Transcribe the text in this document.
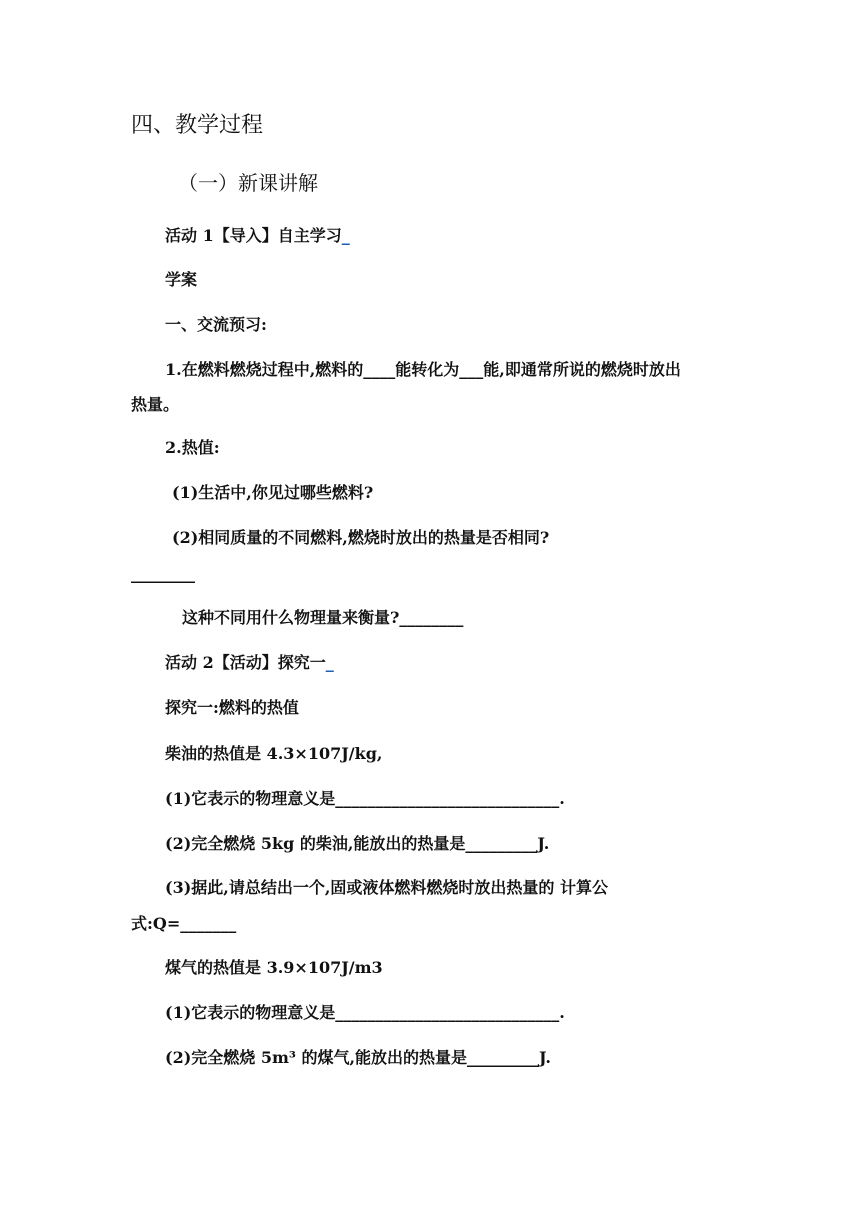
四、教学过程
（一）新课讲解
活动 1【导入】自主学习_
学案
一、交流预习:
1.在燃料燃烧过程中,燃料的____能转化为___能,即通常所说的燃烧时放出
热量。
2.热值:
(1)生活中,你见过哪些燃料?
(2)相同质量的不同燃料,燃烧时放出的热量是否相同?
________
这种不同用什么物理量来衡量?________
活动 2【活动】探究一_
探究一:燃料的热值
柴油的热值是 4.3×107J/kg,
(1)它表示的物理意义是____________________________.
(2)完全燃烧 5kg 的柴油,能放出的热量是_________J.
(3)据此,请总结出一个,固或液体燃料燃烧时放出热量的 计算公
式:Q=_______
煤气的热值是 3.9×107J/m3
(1)它表示的物理意义是____________________________.
(2)完全燃烧 5m³ 的煤气,能放出的热量是_________J.
